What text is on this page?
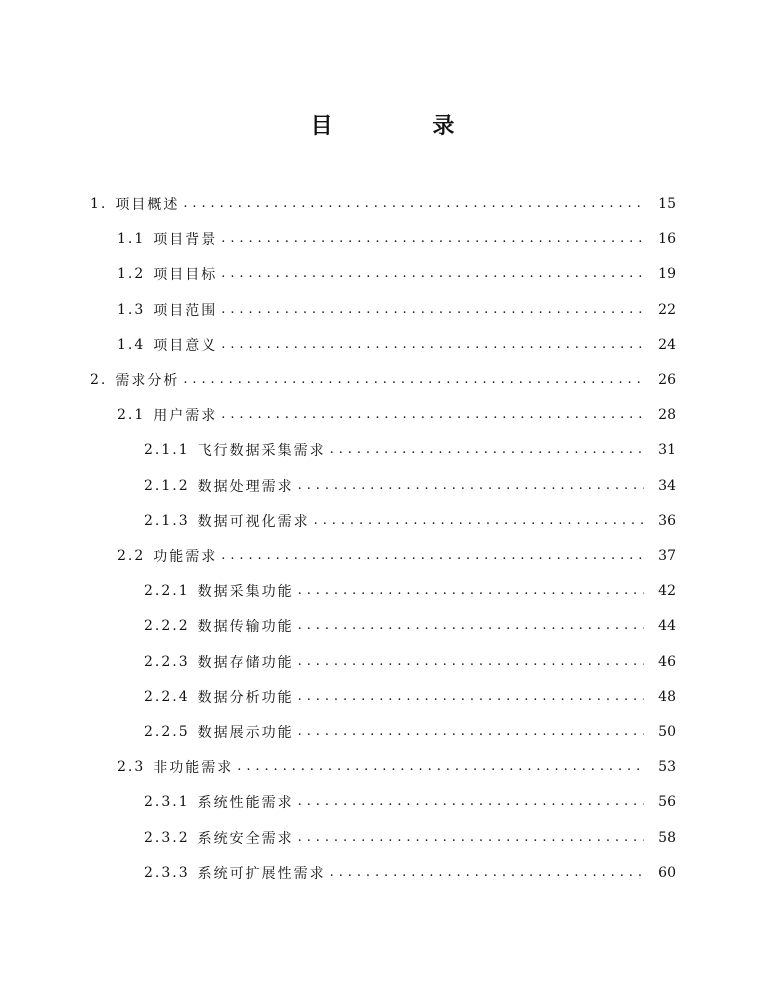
目 录
1. 项目概述 . . .	15
1.1 项目背景 . . .	16
1.2 项目目标 . . .	19
1.3 项目范围 . . .	22
1.4 项目意义 . . .	24
2. 需求分析 . . .	26
2.1 用户需求 . . .	28
2.1.1 飞行数据采集需求 . . .	31
2.1.2 数据处理需求 . . .	34
2.1.3 数据可视化需求 . . .	36
2.2 功能需求 . . .	37
2.2.1 数据采集功能 . . .	42
2.2.2 数据传输功能 . . .	44
2.2.3 数据存储功能 . . .	46
2.2.4 数据分析功能 . . .	48
2.2.5 数据展示功能 . . .	50
2.3 非功能需求 . . .	53
2.3.1 系统性能需求 . . .	56
2.3.2 系统安全需求 . . .	58
2.3.3 系统可扩展性需求 . . .	60
